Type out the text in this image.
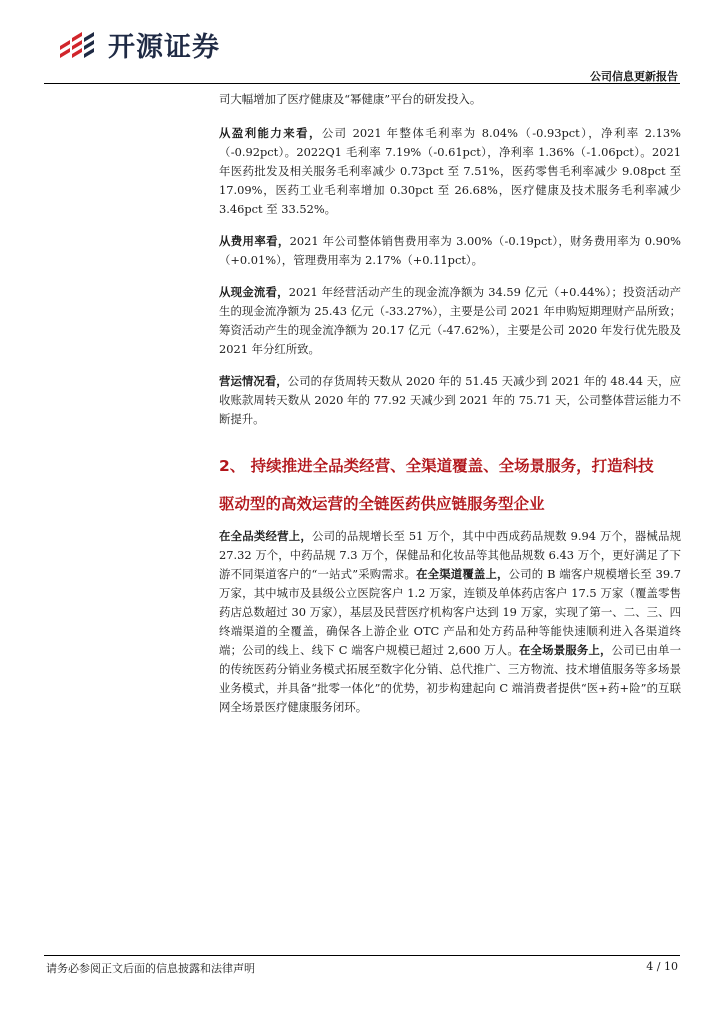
开源证券
公司信息更新报告

司大幅增加了医疗健康及“幂健康”平台的研发投入。

从盈利能力来看，公司 2021 年整体毛利率为 8.04%（-0.93pct），净利率 2.13%（-0.92pct）。2022Q1 毛利率 7.19%（-0.61pct），净利率 1.36%（-1.06pct）。2021 年医药批发及相关服务毛利率减少 0.73pct 至 7.51%，医药零售毛利率减少 9.08pct 至 17.09%，医药工业毛利率增加 0.30pct 至 26.68%，医疗健康及技术服务毛利率减少 3.46pct 至 33.52%。

从费用率看，2021 年公司整体销售费用率为 3.00%（-0.19pct），财务费用率为 0.90%（+0.01%），管理费用率为 2.17%（+0.11pct）。

从现金流看，2021 年经营活动产生的现金流净额为 34.59 亿元（+0.44%）；投资活动产生的现金流净额为 25.43 亿元（-33.27%），主要是公司 2021 年申购短期理财产品所致；筹资活动产生的现金流净额为 20.17 亿元（-47.62%），主要是公司 2020 年发行优先股及 2021 年分红所致。

营运情况看，公司的存货周转天数从 2020 年的 51.45 天减少到 2021 年的 48.44 天，应收账款周转天数从 2020 年的 77.92 天减少到 2021 年的 75.71 天，公司整体营运能力不断提升。

2、 持续推进全品类经营、全渠道覆盖、全场景服务，打造科技
驱动型的高效运营的全链医药供应链服务型企业

在全品类经营上，公司的品规增长至 51 万个，其中中西成药品规数 9.94 万个，器械品规 27.32 万个，中药品规 7.3 万个，保健品和化妆品等其他品规数 6.43 万个，更好满足了下游不同渠道客户的“一站式”采购需求。在全渠道覆盖上，公司的 B 端客户规模增长至 39.7 万家，其中城市及县级公立医院客户 1.2 万家，连锁及单体药店客户 17.5 万家（覆盖零售药店总数超过 30 万家），基层及民营医疗机构客户达到 19 万家，实现了第一、二、三、四终端渠道的全覆盖，确保各上游企业 OTC 产品和处方药品种等能快速顺利进入各渠道终端；公司的线上、线下 C 端客户规模已超过 2,600 万人。在全场景服务上，公司已由单一的传统医药分销业务模式拓展至数字化分销、总代推广、三方物流、技术增值服务等多场景业务模式，并具备“批零一体化”的优势，初步构建起向 C 端消费者提供“医+药+险”的互联网全场景医疗健康服务闭环。

请务必参阅正文后面的信息披露和法律声明	4 / 10
